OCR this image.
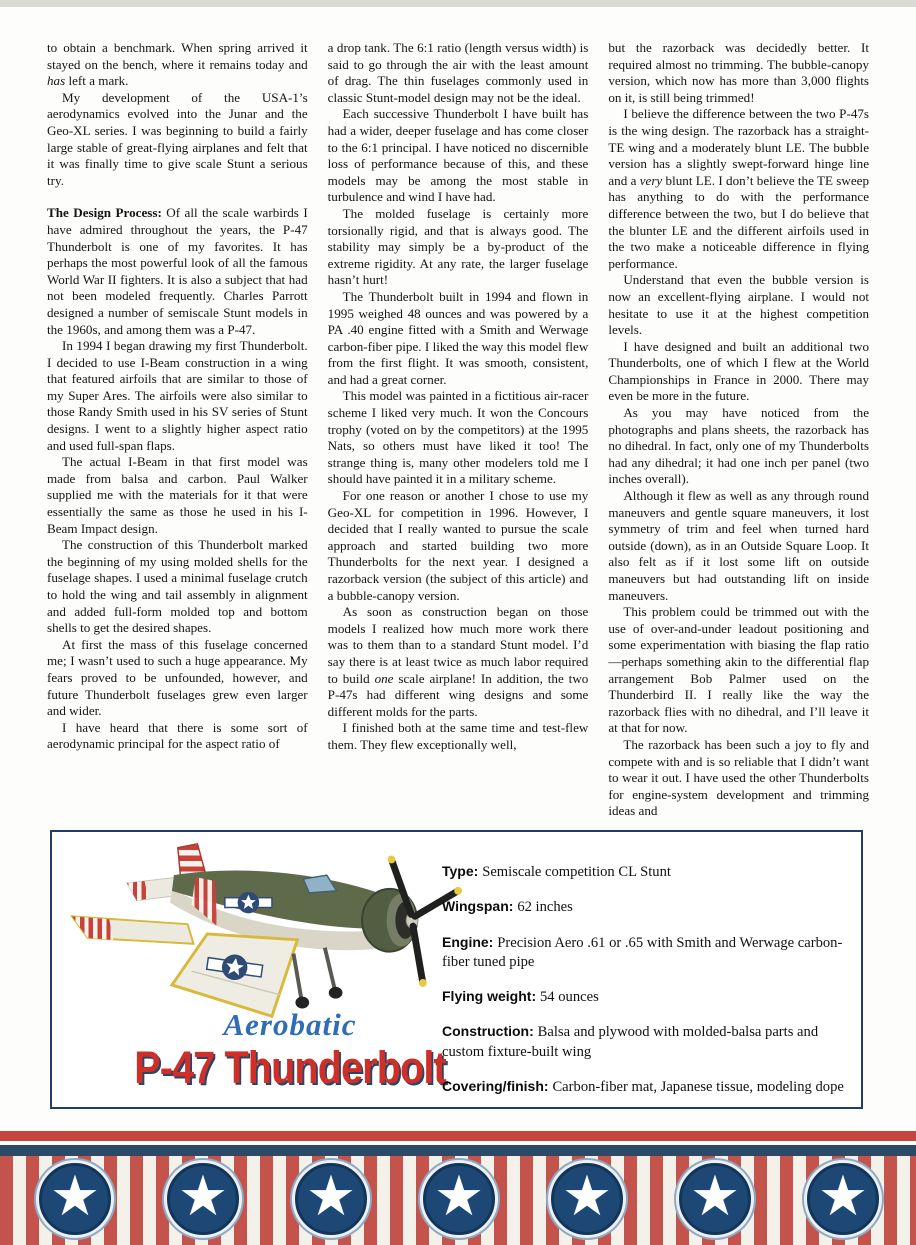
to obtain a benchmark. When spring arrived it stayed on the bench, where it remains today and has left a mark.

My development of the USA-1’s aerodynamics evolved into the Junar and the Geo-XL series. I was beginning to build a fairly large stable of great-flying airplanes and felt that it was finally time to give scale Stunt a serious try.

The Design Process: Of all the scale warbirds I have admired throughout the years, the P-47 Thunderbolt is one of my favorites. It has perhaps the most powerful look of all the famous World War II fighters. It is also a subject that had not been modeled frequently. Charles Parrott designed a number of semiscale Stunt models in the 1960s, and among them was a P-47.

In 1994 I began drawing my first Thunderbolt. I decided to use I-Beam construction in a wing that featured airfoils that are similar to those of my Super Ares. The airfoils were also similar to those Randy Smith used in his SV series of Stunt designs. I went to a slightly higher aspect ratio and used full-span flaps.

The actual I-Beam in that first model was made from balsa and carbon. Paul Walker supplied me with the materials for it that were essentially the same as those he used in his I-Beam Impact design.

The construction of this Thunderbolt marked the beginning of my using molded shells for the fuselage shapes. I used a minimal fuselage crutch to hold the wing and tail assembly in alignment and added full-form molded top and bottom shells to get the desired shapes.

At first the mass of this fuselage concerned me; I wasn’t used to such a huge appearance. My fears proved to be unfounded, however, and future Thunderbolt fuselages grew even larger and wider.

I have heard that there is some sort of aerodynamic principal for the aspect ratio of

a drop tank. The 6:1 ratio (length versus width) is said to go through the air with the least amount of drag. The thin fuselages commonly used in classic Stunt-model design may not be the ideal.

Each successive Thunderbolt I have built has had a wider, deeper fuselage and has come closer to the 6:1 principal. I have noticed no discernible loss of performance because of this, and these models may be among the most stable in turbulence and wind I have had.

The molded fuselage is certainly more torsionally rigid, and that is always good. The stability may simply be a by-product of the extreme rigidity. At any rate, the larger fuselage hasn’t hurt!

The Thunderbolt built in 1994 and flown in 1995 weighed 48 ounces and was powered by a PA .40 engine fitted with a Smith and Werwage carbon-fiber pipe. I liked the way this model flew from the first flight. It was smooth, consistent, and had a great corner.

This model was painted in a fictitious air-racer scheme I liked very much. It won the Concours trophy (voted on by the competitors) at the 1995 Nats, so others must have liked it too! The strange thing is, many other modelers told me I should have painted it in a military scheme.

For one reason or another I chose to use my Geo-XL for competition in 1996. However, I decided that I really wanted to pursue the scale approach and started building two more Thunderbolts for the next year. I designed a razorback version (the subject of this article) and a bubble-canopy version.

As soon as construction began on those models I realized how much more work there was to them than to a standard Stunt model. I’d say there is at least twice as much labor required to build one scale airplane! In addition, the two P-47s had different wing designs and some different molds for the parts.

I finished both at the same time and test-flew them. They flew exceptionally well,

but the razorback was decidedly better. It required almost no trimming. The bubble-canopy version, which now has more than 3,000 flights on it, is still being trimmed!

I believe the difference between the two P-47s is the wing design. The razorback has a straight-TE wing and a moderately blunt LE. The bubble version has a slightly swept-forward hinge line and a very blunt LE. I don’t believe the TE sweep has anything to do with the performance difference between the two, but I do believe that the blunter LE and the different airfoils used in the two make a noticeable difference in flying performance.

Understand that even the bubble version is now an excellent-flying airplane. I would not hesitate to use it at the highest competition levels.

I have designed and built an additional two Thunderbolts, one of which I flew at the World Championships in France in 2000. There may even be more in the future.

As you may have noticed from the photographs and plans sheets, the razorback has no dihedral. In fact, only one of my Thunderbolts had any dihedral; it had one inch per panel (two inches overall).

Although it flew as well as any through round maneuvers and gentle square maneuvers, it lost symmetry of trim and feel when turned hard outside (down), as in an Outside Square Loop. It also felt as if it lost some lift on outside maneuvers but had outstanding lift on inside maneuvers.

This problem could be trimmed out with the use of over-and-under leadout positioning and some experimentation with biasing the flap ratio—perhaps something akin to the differential flap arrangement Bob Palmer used on the Thunderbird II. I really like the way the razorback flies with no dihedral, and I’ll leave it at that for now.

The razorback has been such a joy to fly and compete with and is so reliable that I didn’t want to wear it out. I have used the other Thunderbolts for engine-system development and trimming ideas and

Aerobatic
P-47 Thunderbolt
Type: Semiscale competition CL Stunt
Wingspan: 62 inches
Engine: Precision Aero .61 or .65 with Smith and Werwage carbon-fiber tuned pipe
Flying weight: 54 ounces
Construction: Balsa and plywood with molded-balsa parts and custom fixture-built wing
Covering/finish: Carbon-fiber mat, Japanese tissue, modeling dope
★ ★ ★ ★ ★ ★ ★
